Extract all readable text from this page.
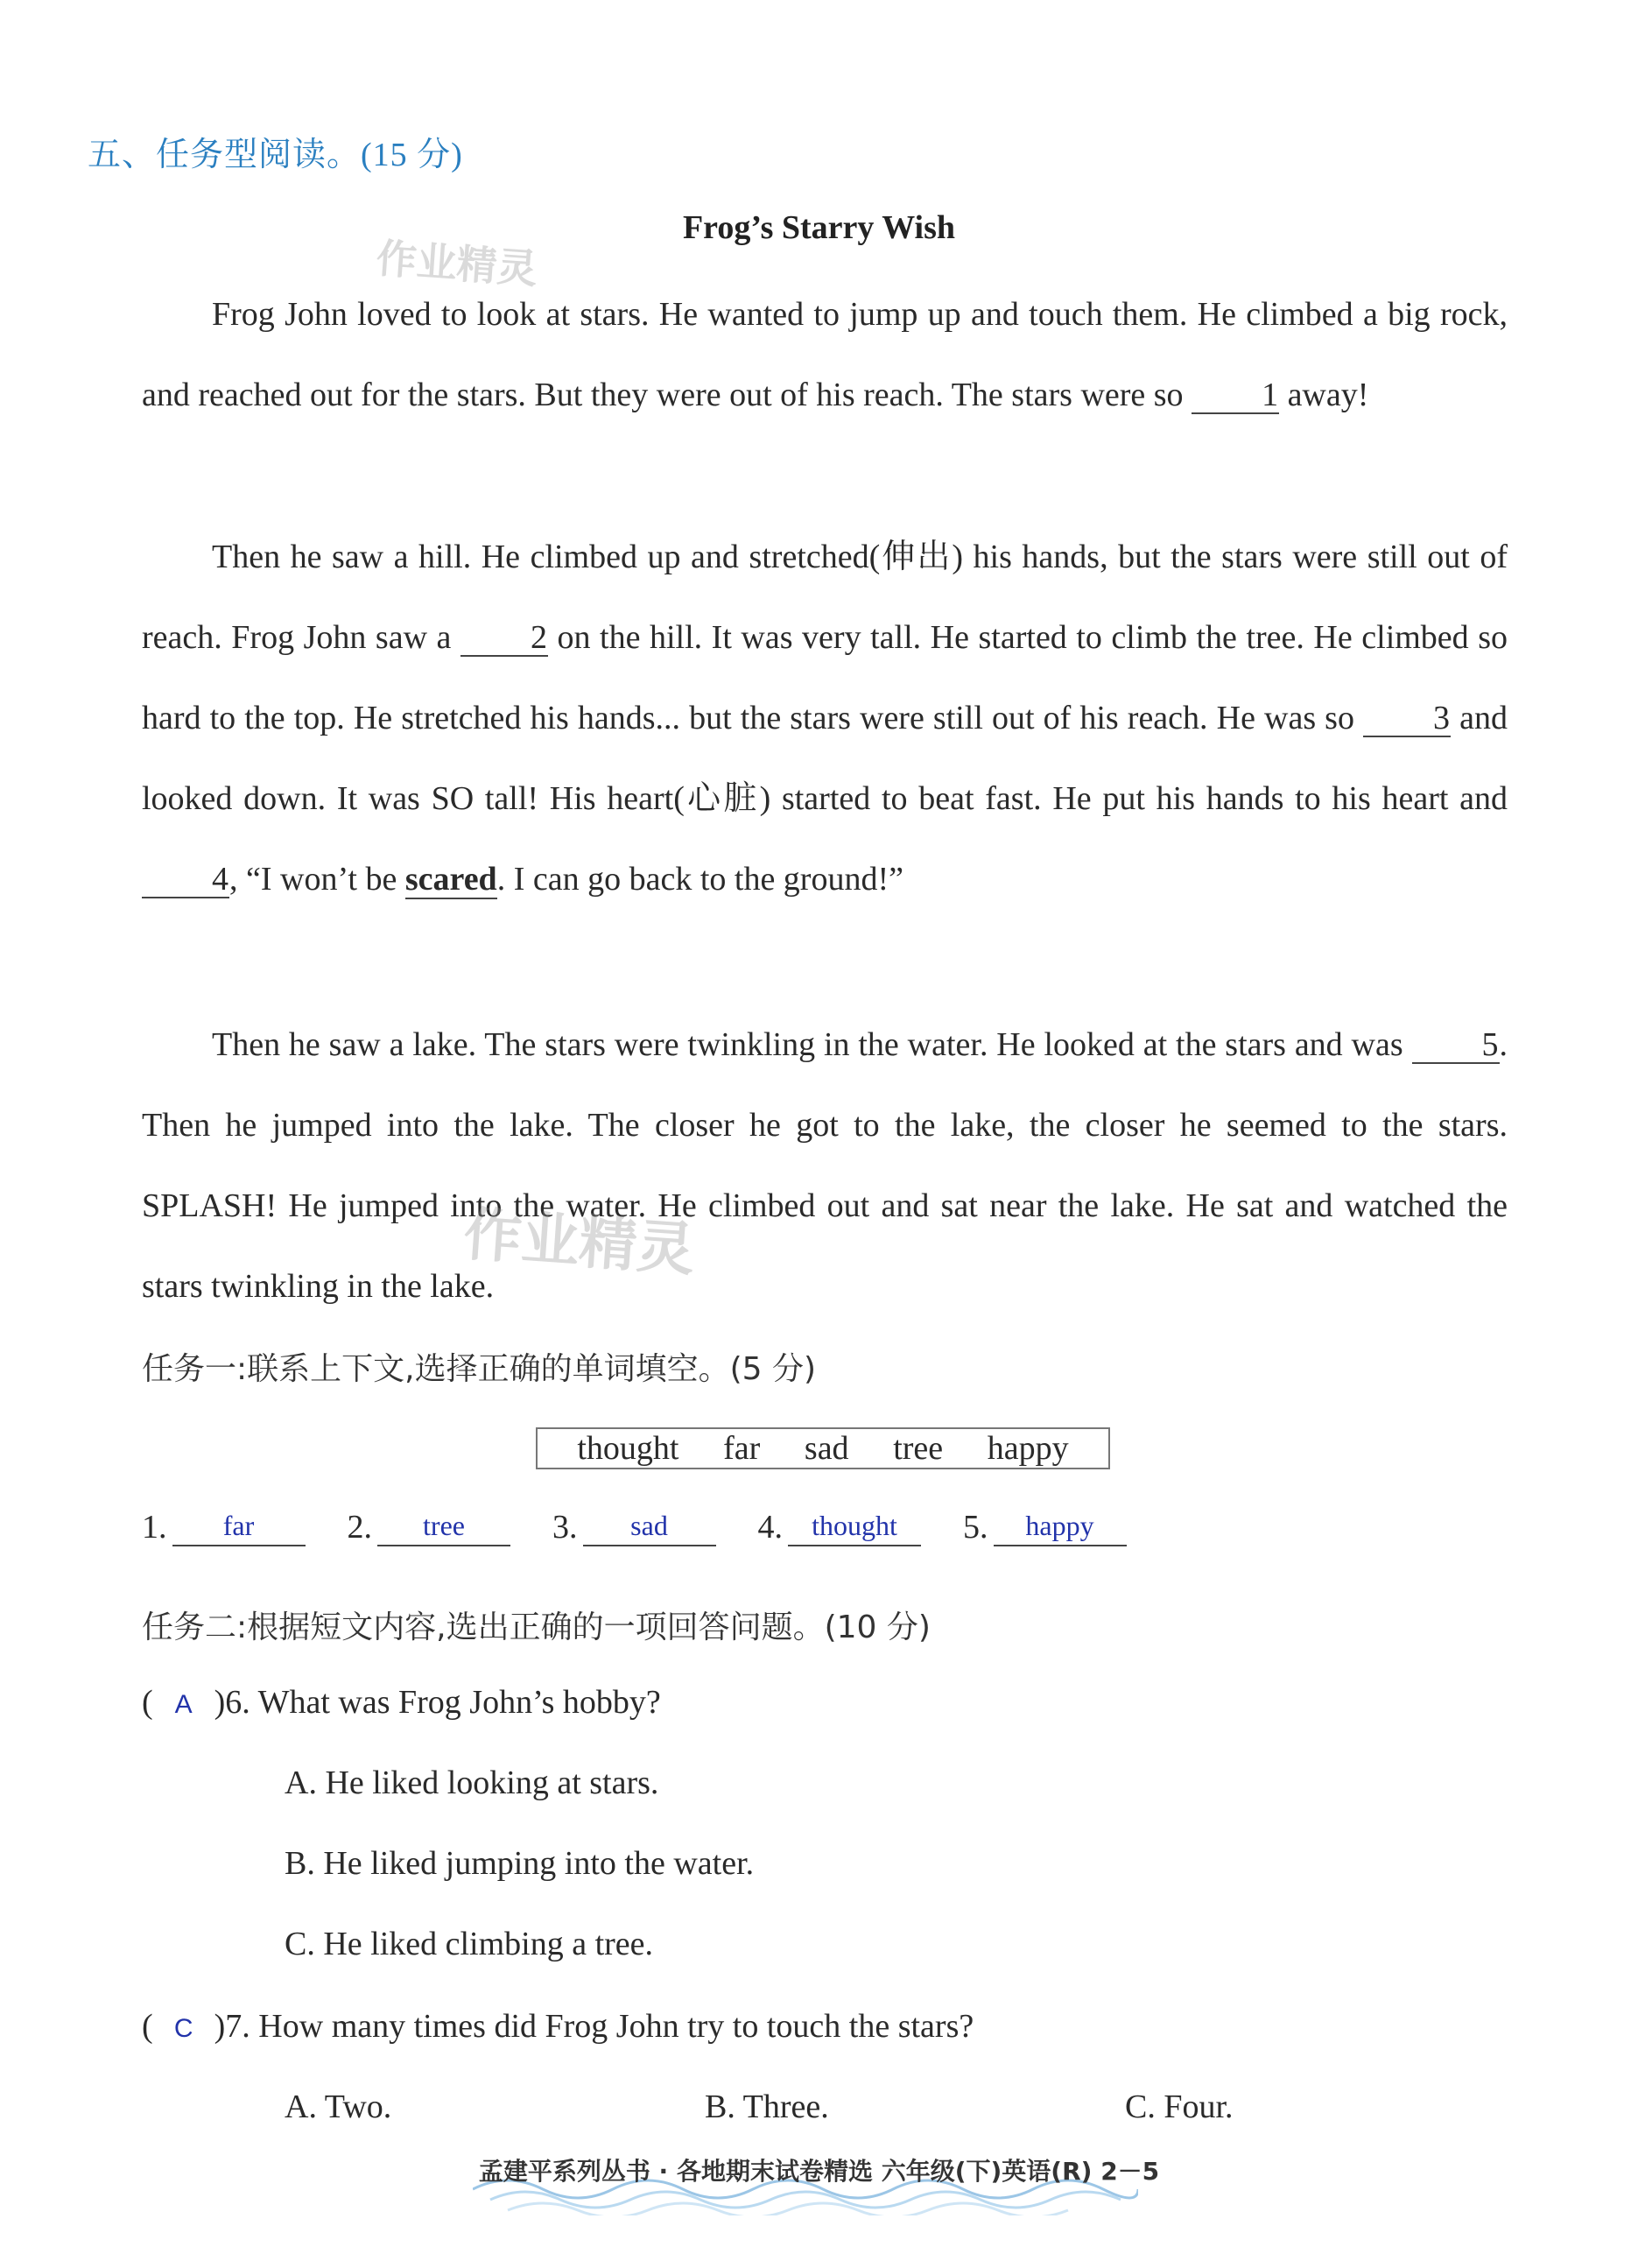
五、任务型阅读。(15 分)
作业精灵
Frog’s Starry Wish
Frog John loved to look at stars. He wanted to jump up and touch them. He climbed a big rock, and reached out for the stars. But they were out of his reach. The stars were so 1 away!
Then he saw a hill. He climbed up and stretched(伸出) his hands, but the stars were still out of reach. Frog John saw a 2 on the hill. It was very tall. He started to climb the tree. He climbed so hard to the top. He stretched his hands... but the stars were still out of his reach. He was so 3 and looked down. It was SO tall! His heart(心脏) started to beat fast. He put his hands to his heart and 4, “I won’t be scared. I can go back to the ground!”
Then he saw a lake. The stars were twinkling in the water. He looked at the stars and was 5. Then he jumped into the lake. The closer he got to the lake, the closer he seemed to the stars. SPLASH! He jumped into the water. He climbed out and sat near the lake. He sat and watched the stars twinkling in the lake.
作业精灵
任务一:联系上下文,选择正确的单词填空。(5 分)
thought far sad tree happy
1.	far	2.	tree	3.	sad	4.	thought	5.	happy
任务二:根据短文内容,选出正确的一项回答问题。(10 分)
( A )6. What was Frog John’s hobby?
A. He liked looking at stars.
B. He liked jumping into the water.
C. He liked climbing a tree.
( C )7. How many times did Frog John try to touch the stars?
A. Two.	B. Three.	C. Four.
孟建平系列丛书 · 各地期末试卷精选 六年级(下)英语(R) 2－5
